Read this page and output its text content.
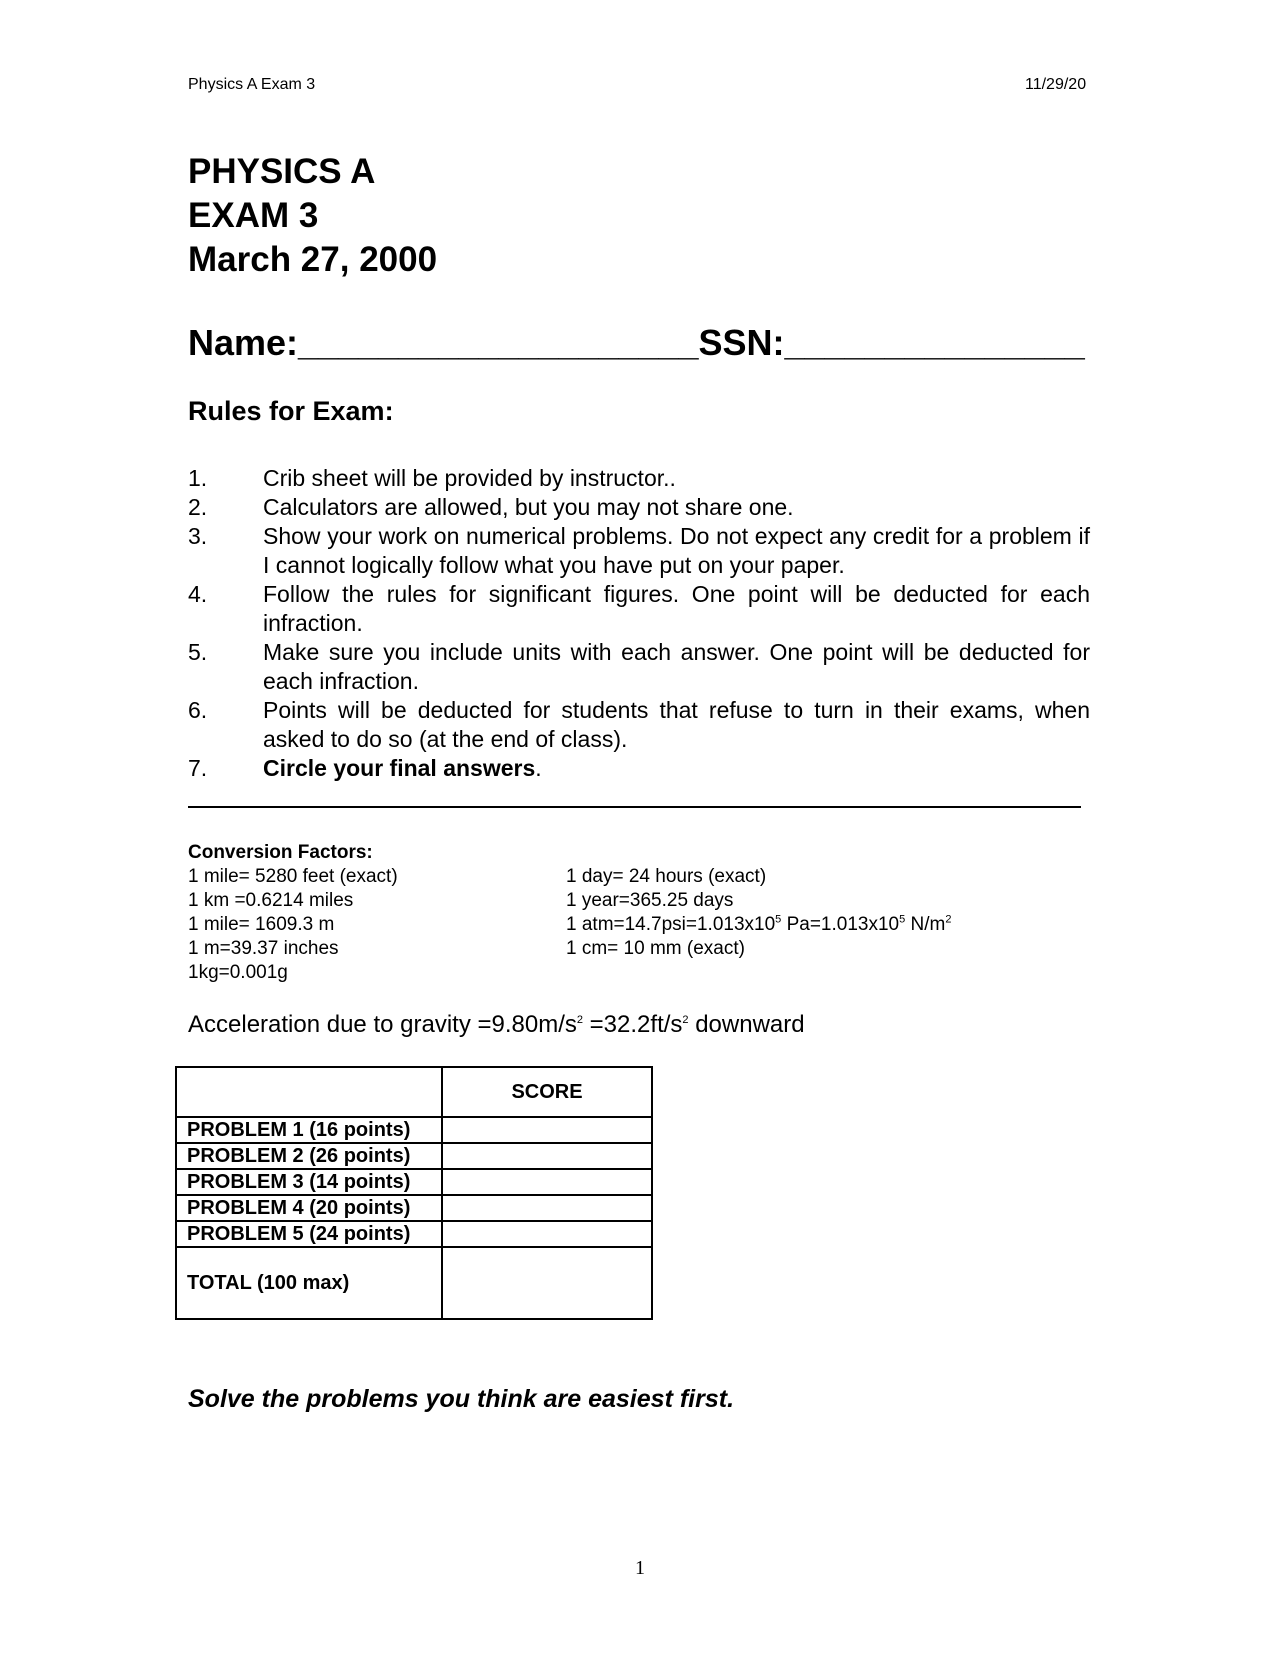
Physics A Exam 3	11/29/20
PHYSICS A
EXAM 3
March 27, 2000
Name:____________________SSN:_______________
Rules for Exam:
1. Crib sheet will be provided by instructor..
2. Calculators are allowed, but you may not share one.
3. Show your work on numerical problems. Do not expect any credit for a problem if I cannot logically follow what you have put on your paper.
4. Follow the rules for significant figures. One point will be deducted for each infraction.
5. Make sure you include units with each answer. One point will be deducted for each infraction.
6. Points will be deducted for students that refuse to turn in their exams, when asked to do so (at the end of class).
7. Circle your final answers.
Conversion Factors:
1 mile= 5280 feet (exact)
1 km =0.6214 miles
1 mile= 1609.3 m
1 m=39.37 inches
1kg=0.001g
1 day= 24 hours (exact)
1 year=365.25 days
1 $atm=14.7psi=1.013x10^5$ $Pa=1.013x10^5$ $N/m^2$
1 cm= 10 mm (exact)
Acceleration due to gravity $=9.80m/s^2 =32.2ft/s^2$ downward
	SCORE
PROBLEM 1 (16 points)	
PROBLEM 2 (26 points)	
PROBLEM 3 (14 points)	
PROBLEM 4 (20 points)	
PROBLEM 5 (24 points)	
TOTAL (100 max)	
Solve the problems you think are easiest first.
1
